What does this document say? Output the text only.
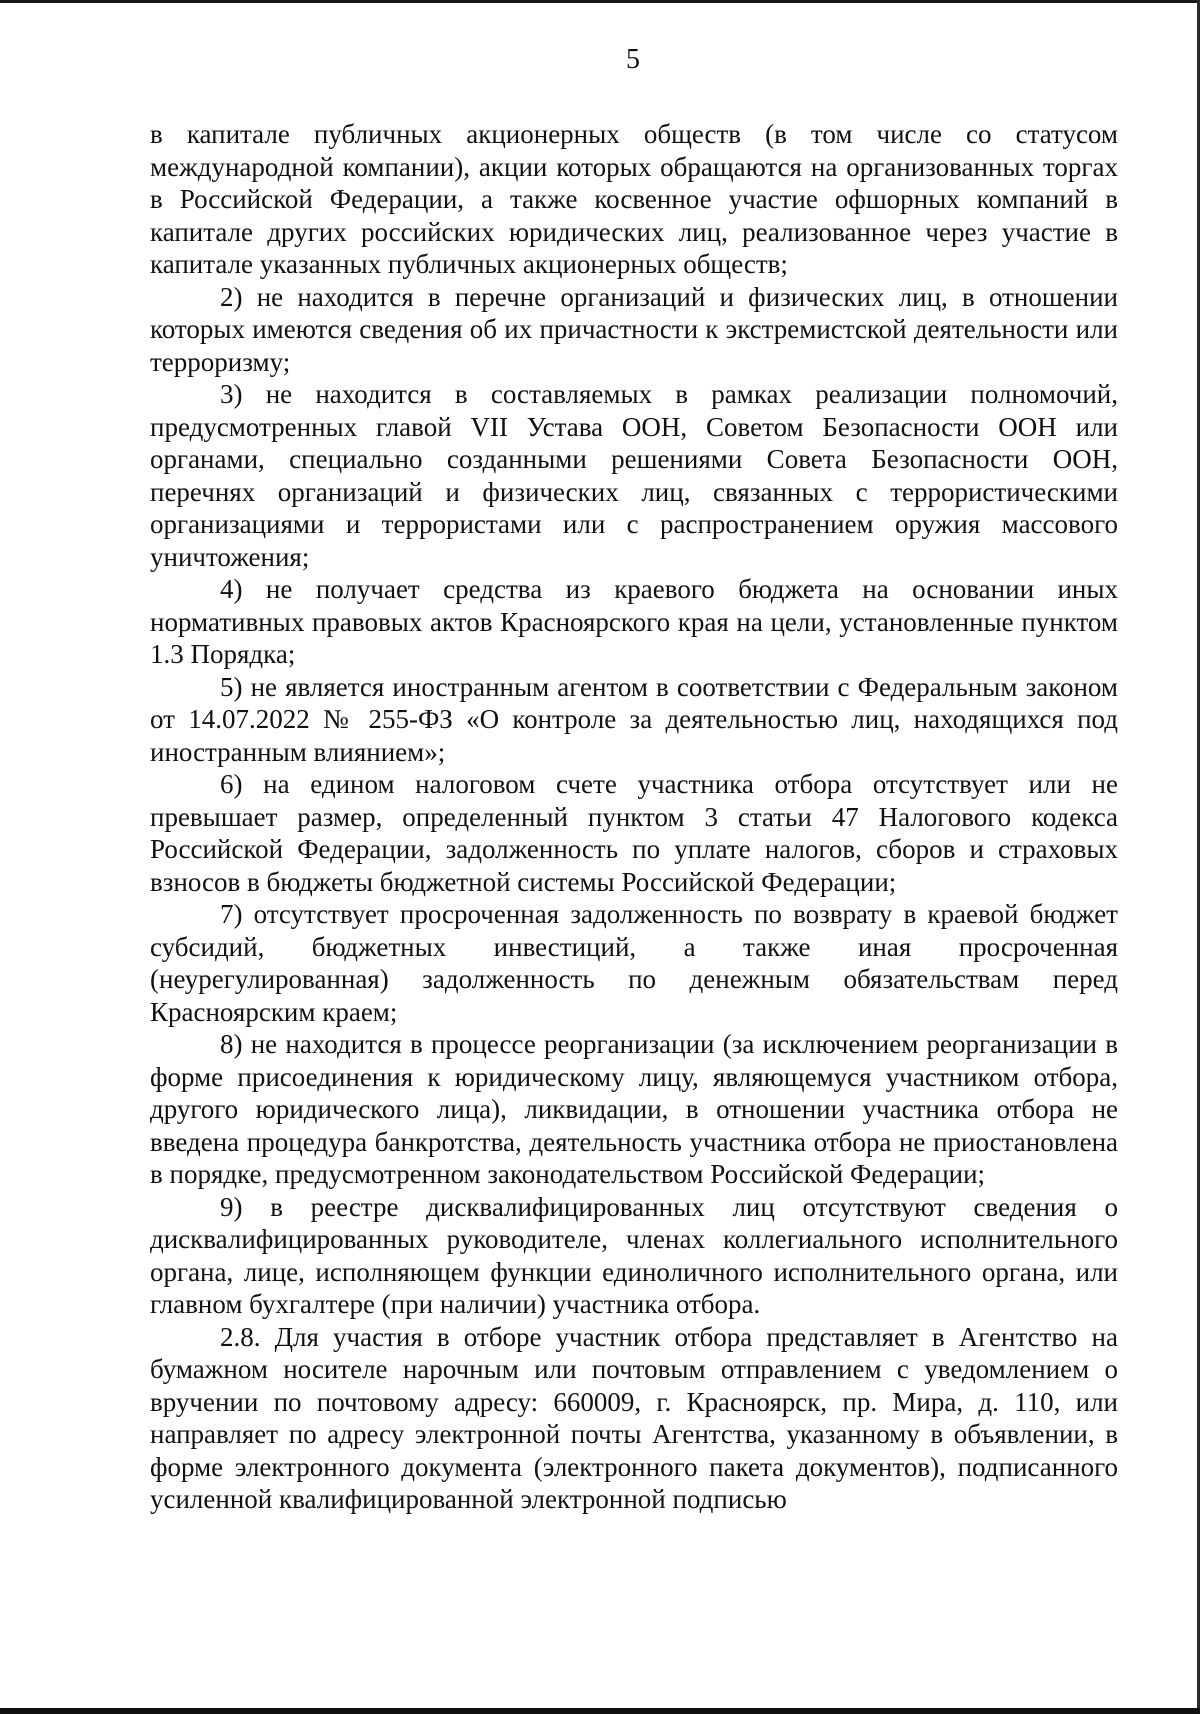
5

в капитале публичных акционерных обществ (в том числе со статусом международной компании), акции которых обращаются на организованных торгах в Российской Федерации, а также косвенное участие офшорных компаний в капитале других российских юридических лиц, реализованное через участие в капитале указанных публичных акционерных обществ;

2) не находится в перечне организаций и физических лиц, в отношении которых имеются сведения об их причастности к экстремистской деятельности или терроризму;

3) не находится в составляемых в рамках реализации полномочий, предусмотренных главой VII Устава ООН, Советом Безопасности ООН или органами, специально созданными решениями Совета Безопасности ООН, перечнях организаций и физических лиц, связанных с террористическими организациями и террористами или с распространением оружия массового уничтожения;

4) не получает средства из краевого бюджета на основании иных нормативных правовых актов Красноярского края на цели, установленные пунктом 1.3 Порядка;

5) не является иностранным агентом в соответствии с Федеральным законом от 14.07.2022 № 255-ФЗ «О контроле за деятельностью лиц, находящихся под иностранным влиянием»;

6) на едином налоговом счете участника отбора отсутствует или не превышает размер, определенный пунктом 3 статьи 47 Налогового кодекса Российской Федерации, задолженность по уплате налогов, сборов и страховых взносов в бюджеты бюджетной системы Российской Федерации;

7) отсутствует просроченная задолженность по возврату в краевой бюджет субсидий, бюджетных инвестиций, а также иная просроченная (неурегулированная) задолженность по денежным обязательствам перед Красноярским краем;

8) не находится в процессе реорганизации (за исключением реорганизации в форме присоединения к юридическому лицу, являющемуся участником отбора, другого юридического лица), ликвидации, в отношении участника отбора не введена процедура банкротства, деятельность участника отбора не приостановлена в порядке, предусмотренном законодательством Российской Федерации;

9) в реестре дисквалифицированных лиц отсутствуют сведения о дисквалифицированных руководителе, членах коллегиального исполнительного органа, лице, исполняющем функции единоличного исполнительного органа, или главном бухгалтере (при наличии) участника отбора.

2.8. Для участия в отборе участник отбора представляет в Агентство на бумажном носителе нарочным или почтовым отправлением с уведомлением о вручении по почтовому адресу: 660009, г. Красноярск, пр. Мира, д. 110, или направляет по адресу электронной почты Агентства, указанному в объявлении, в форме электронного документа (электронного пакета документов), подписанного усиленной квалифицированной электронной подписью
